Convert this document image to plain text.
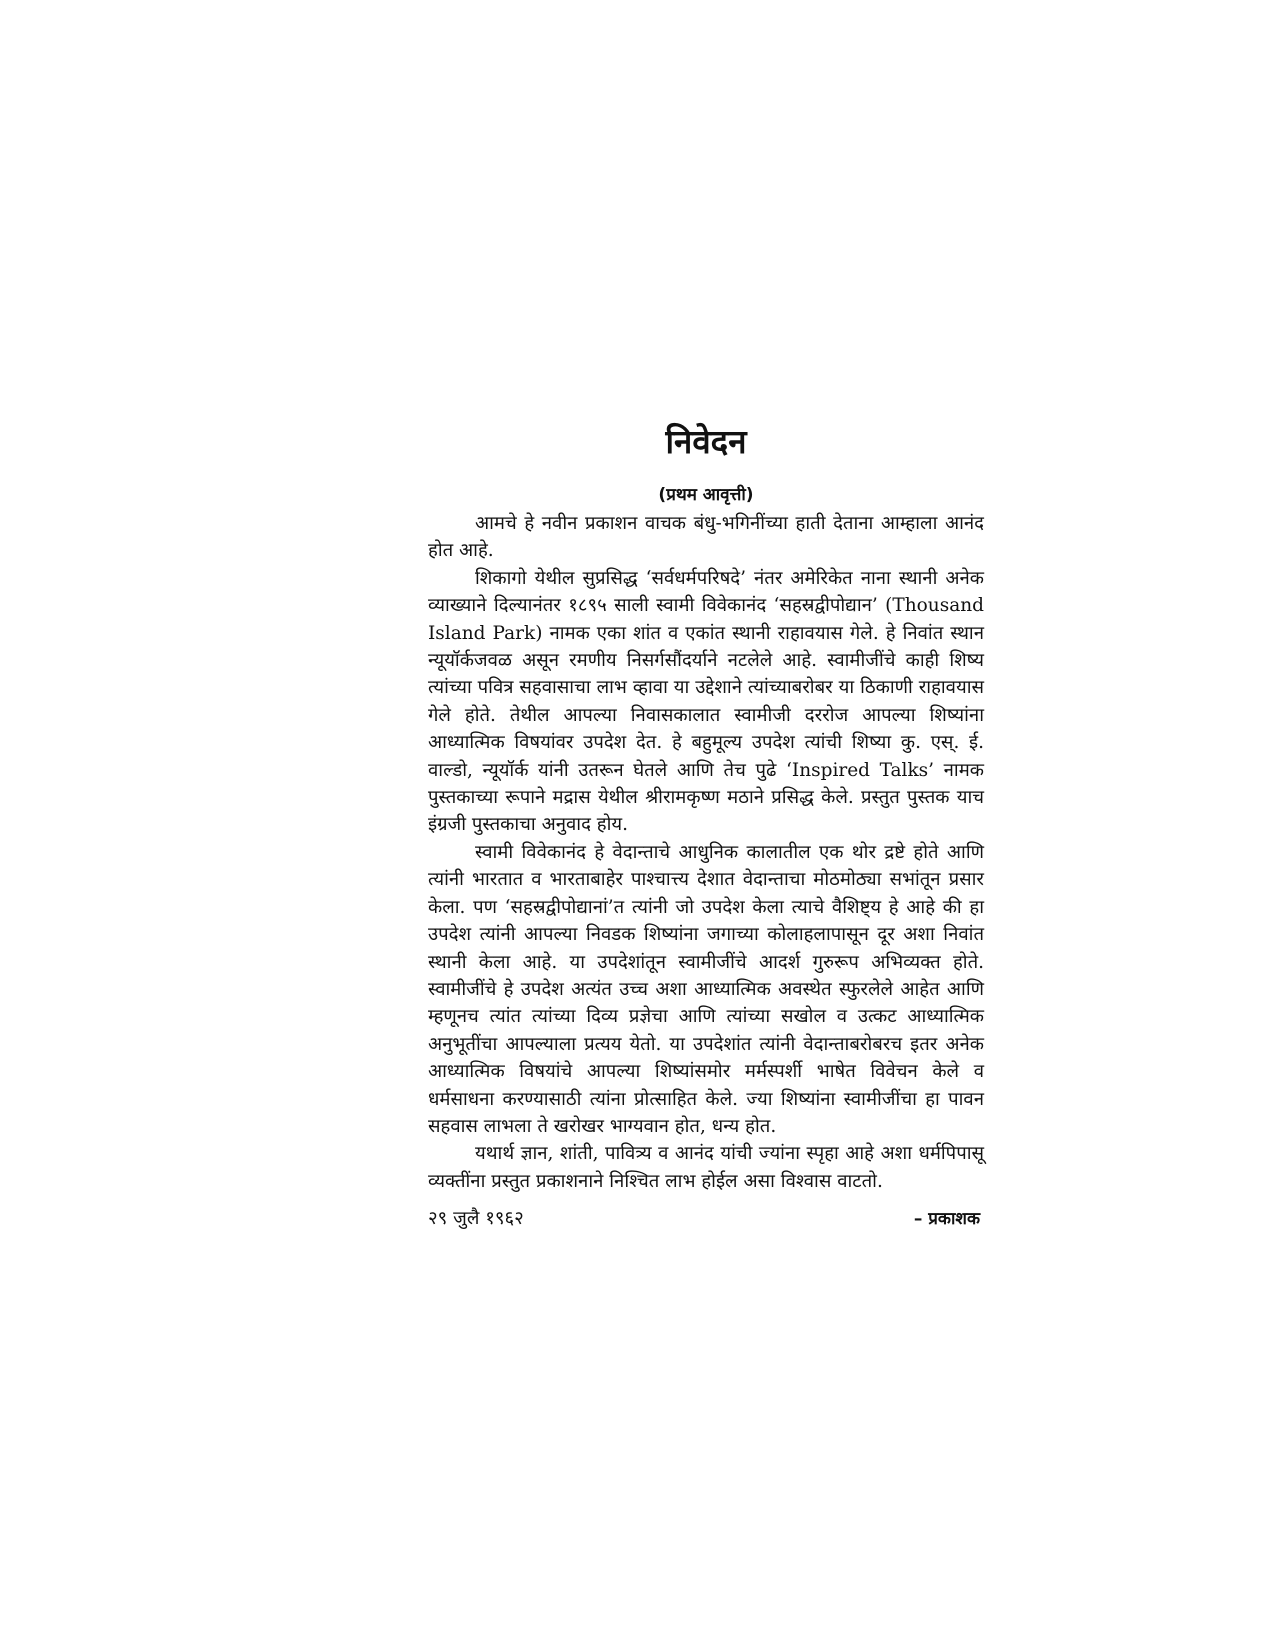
निवेदन
(प्रथम आवृत्ती)

आमचे हे नवीन प्रकाशन वाचक बंधु-भगिनींच्या हाती देताना आम्हाला आनंद होत आहे.

शिकागो येथील सुप्रसिद्ध ‘सर्वधर्मपरिषदे’ नंतर अमेरिकेत नाना स्थानी अनेक व्याख्याने दिल्यानंतर १८९५ साली स्वामी विवेकानंद ‘सहस्रद्वीपोद्यान’ (Thousand Island Park) नामक एका शांत व एकांत स्थानी राहावयास गेले. हे निवांत स्थान न्यूयॉर्कजवळ असून रमणीय निसर्गसौंदर्याने नटलेले आहे. स्वामीजींचे काही शिष्य त्यांच्या पवित्र सहवासाचा लाभ व्हावा या उद्देशाने त्यांच्याबरोबर या ठिकाणी राहावयास गेले होते. तेथील आपल्या निवासकालात स्वामीजी दररोज आपल्या शिष्यांना आध्यात्मिक विषयांवर उपदेश देत. हे बहुमूल्य उपदेश त्यांची शिष्या कु. एस्. ई. वाल्डो, न्यूयॉर्क यांनी उतरून घेतले आणि तेच पुढे ‘Inspired Talks’ नामक पुस्तकाच्या रूपाने मद्रास येथील श्रीरामकृष्ण मठाने प्रसिद्ध केले. प्रस्तुत पुस्तक याच इंग्रजी पुस्तकाचा अनुवाद होय.

स्वामी विवेकानंद हे वेदान्ताचे आधुनिक कालातील एक थोर द्रष्टे होते आणि त्यांनी भारतात व भारताबाहेर पाश्चात्त्य देशात वेदान्ताचा मोठमोठ्या सभांतून प्रसार केला. पण ‘सहस्रद्वीपोद्यानां’त त्यांनी जो उपदेश केला त्याचे वैशिष्ट्य हे आहे की हा उपदेश त्यांनी आपल्या निवडक शिष्यांना जगाच्या कोलाहलापासून दूर अशा निवांत स्थानी केला आहे. या उपदेशांतून स्वामीजींचे आदर्श गुरुरूप अभिव्यक्त होते. स्वामीजींचे हे उपदेश अत्यंत उच्च अशा आध्यात्मिक अवस्थेत स्फुरलेले आहेत आणि म्हणूनच त्यांत त्यांच्या दिव्य प्रज्ञेचा आणि त्यांच्या सखोल व उत्कट आध्यात्मिक अनुभूतींचा आपल्याला प्रत्यय येतो. या उपदेशांत त्यांनी वेदान्ताबरोबरच इतर अनेक आध्यात्मिक विषयांचे आपल्या शिष्यांसमोर मर्मस्पर्शी भाषेत विवेचन केले व धर्मसाधना करण्यासाठी त्यांना प्रोत्साहित केले. ज्या शिष्यांना स्वामीजींचा हा पावन सहवास लाभला ते खरोखर भाग्यवान होत, धन्य होत.

यथार्थ ज्ञान, शांती, पावित्र्य व आनंद यांची ज्यांना स्पृहा आहे अशा धर्मपिपासू व्यक्तींना प्रस्तुत प्रकाशनाने निश्चित लाभ होईल असा विश्वास वाटतो.

२९ जुलै १९६२	– प्रकाशक
